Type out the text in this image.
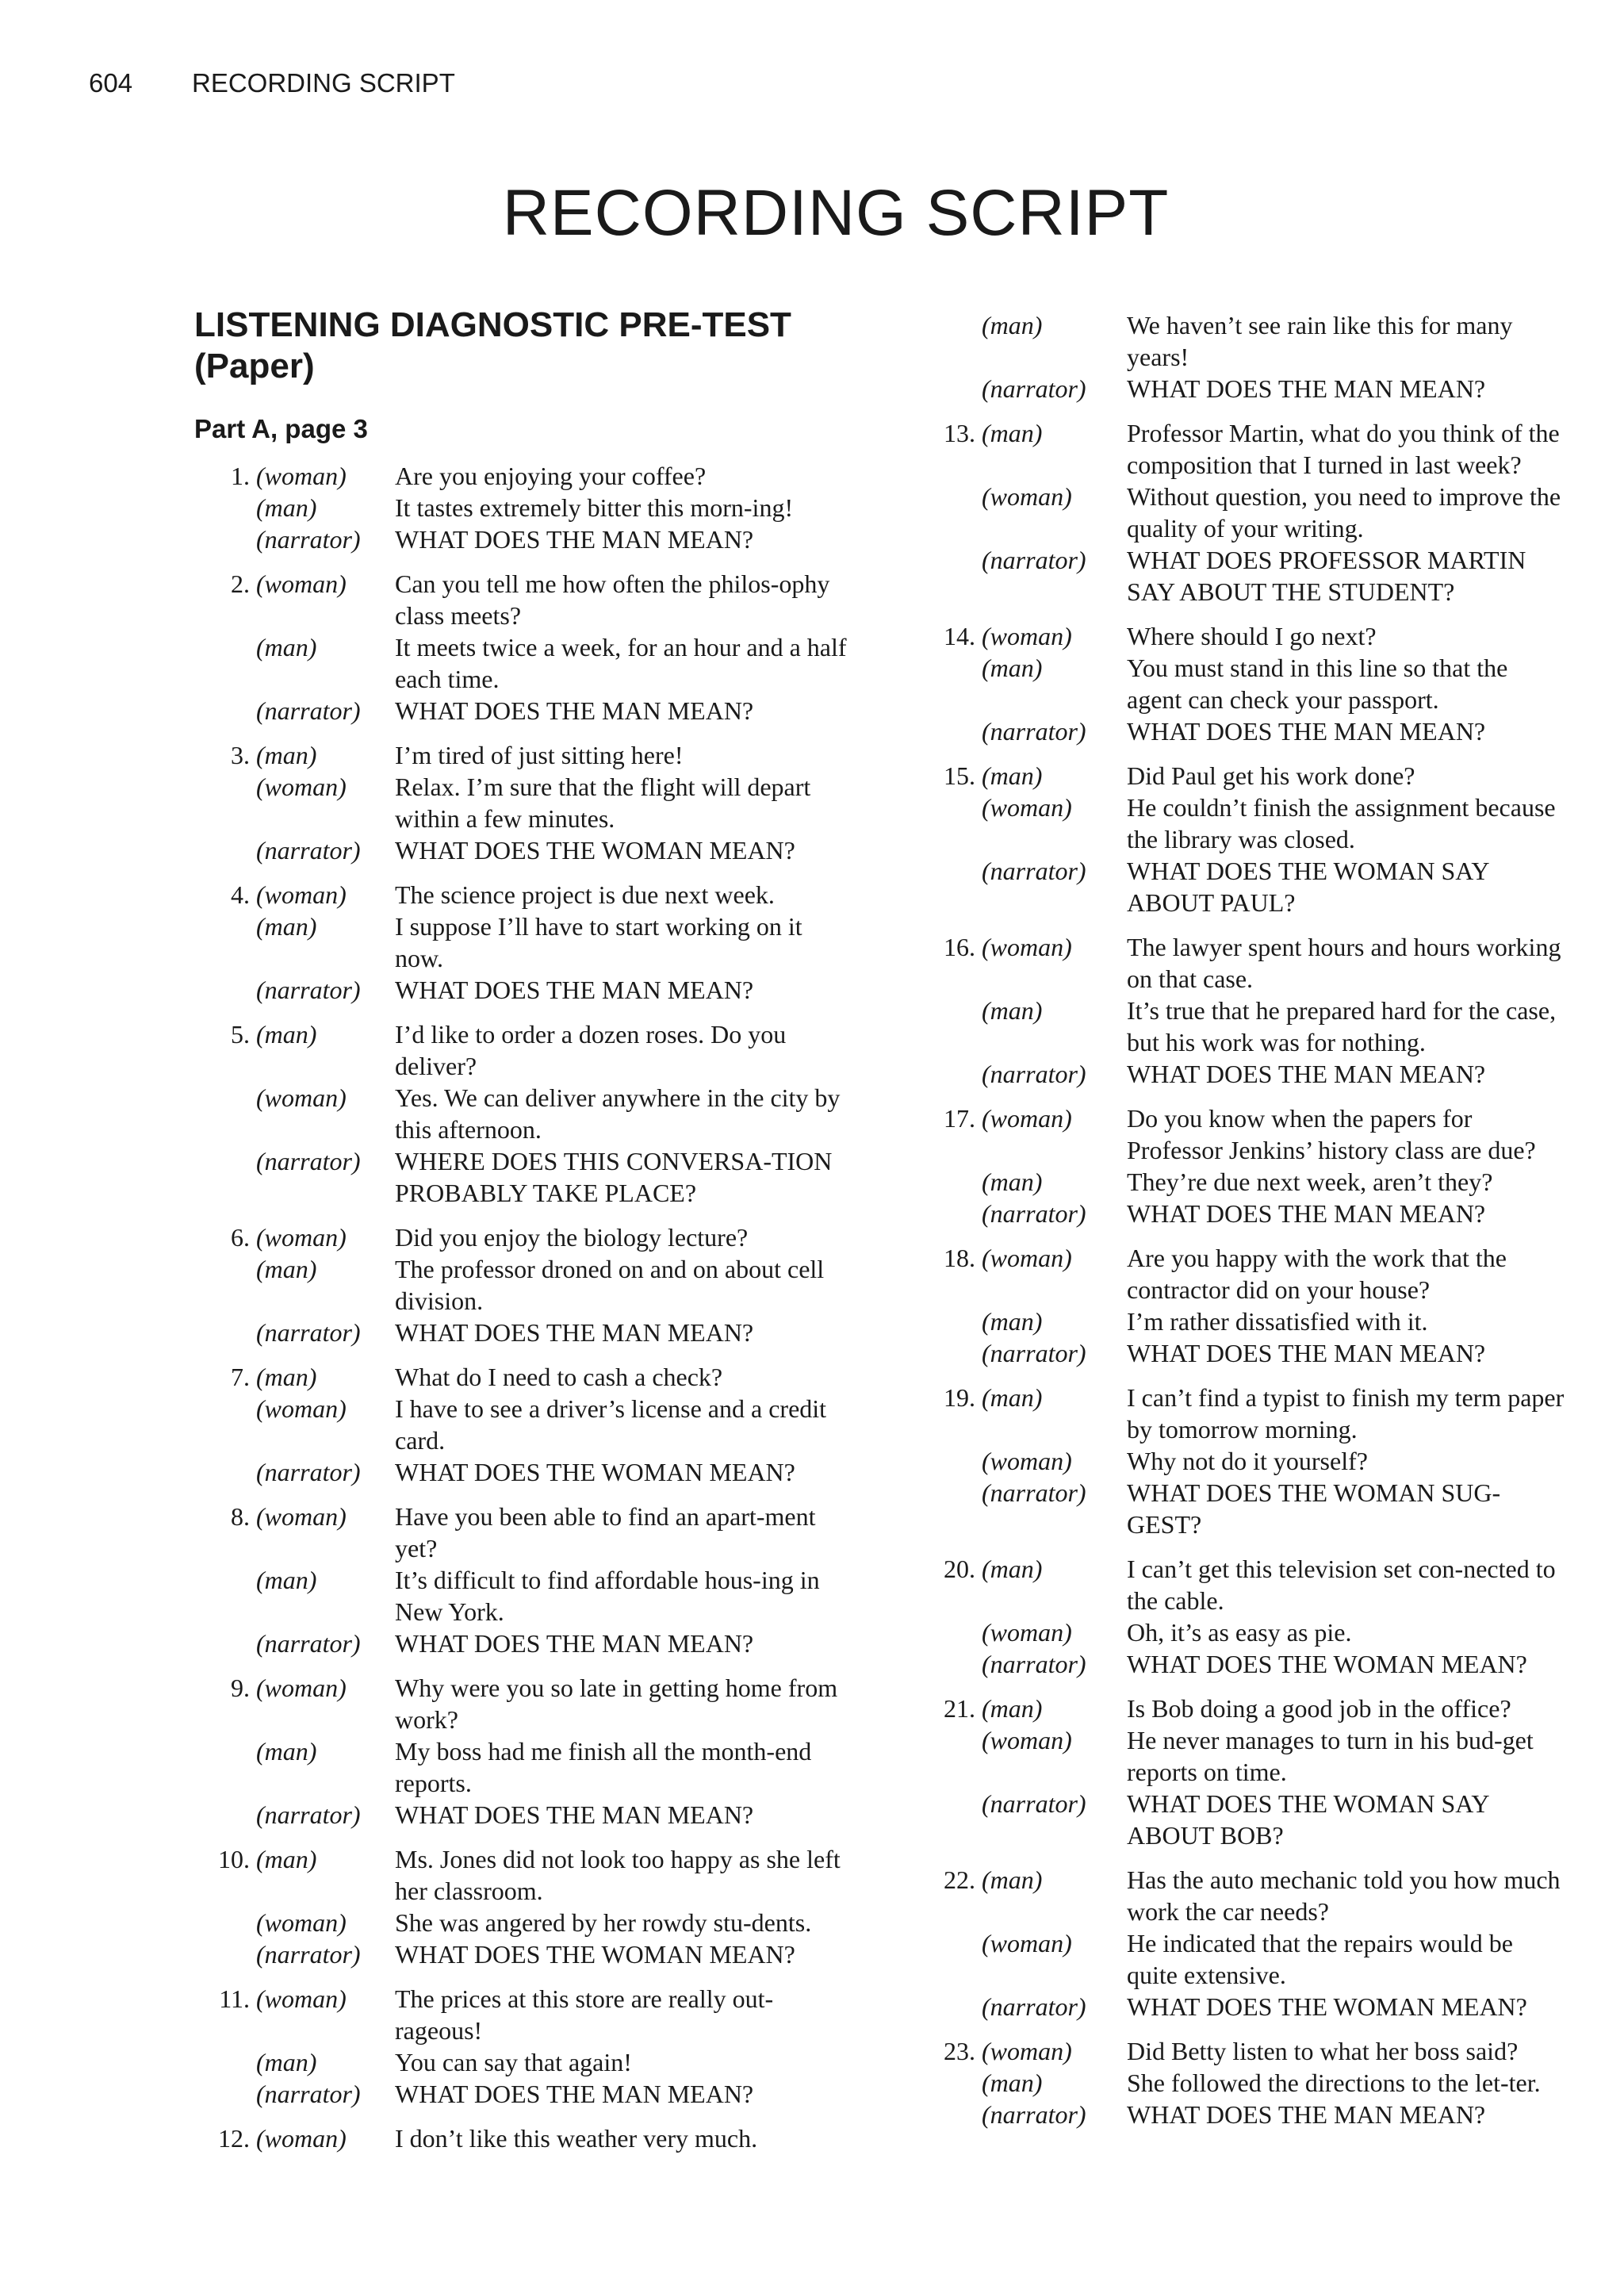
604 RECORDING SCRIPT
RECORDING SCRIPT
LISTENING DIAGNOSTIC PRE-TEST (Paper)
Part A, page 3
1. (woman)	Are you enjoying your coffee?
(man)	It tastes extremely bitter this morn-ing!
(narrator)	WHAT DOES THE MAN MEAN?
2. (woman)	Can you tell me how often the philos-ophy class meets?
(man)	It meets twice a week, for an hour and a half each time.
(narrator)	WHAT DOES THE MAN MEAN?
3. (man)	I’m tired of just sitting here!
(woman)	Relax. I’m sure that the flight will depart within a few minutes.
(narrator)	WHAT DOES THE WOMAN MEAN?
4. (woman)	The science project is due next week.
(man)	I suppose I’ll have to start working on it now.
(narrator)	WHAT DOES THE MAN MEAN?
5. (man)	I’d like to order a dozen roses. Do you deliver?
(woman)	Yes. We can deliver anywhere in the city by this afternoon.
(narrator)	WHERE DOES THIS CONVERSA-TION PROBABLY TAKE PLACE?
6. (woman)	Did you enjoy the biology lecture?
(man)	The professor droned on and on about cell division.
(narrator)	WHAT DOES THE MAN MEAN?
7. (man)	What do I need to cash a check?
(woman)	I have to see a driver’s license and a credit card.
(narrator)	WHAT DOES THE WOMAN MEAN?
8. (woman)	Have you been able to find an apart-ment yet?
(man)	It’s difficult to find affordable hous-ing in New York.
(narrator)	WHAT DOES THE MAN MEAN?
9. (woman)	Why were you so late in getting home from work?
(man)	My boss had me finish all the month-end reports.
(narrator)	WHAT DOES THE MAN MEAN?
10. (man)	Ms. Jones did not look too happy as she left her classroom.
(woman)	She was angered by her rowdy stu-dents.
(narrator)	WHAT DOES THE WOMAN MEAN?
11. (woman)	The prices at this store are really out-rageous!
(man)	You can say that again!
(narrator)	WHAT DOES THE MAN MEAN?
12. (woman)	I don’t like this weather very much.
(man)	We haven’t see rain like this for many years!
(narrator)	WHAT DOES THE MAN MEAN?
13. (man)	Professor Martin, what do you think of the composition that I turned in last week?
(woman)	Without question, you need to improve the quality of your writing.
(narrator)	WHAT DOES PROFESSOR MARTIN SAY ABOUT THE STUDENT?
14. (woman)	Where should I go next?
(man)	You must stand in this line so that the agent can check your passport.
(narrator)	WHAT DOES THE MAN MEAN?
15. (man)	Did Paul get his work done?
(woman)	He couldn’t finish the assignment because the library was closed.
(narrator)	WHAT DOES THE WOMAN SAY ABOUT PAUL?
16. (woman)	The lawyer spent hours and hours working on that case.
(man)	It’s true that he prepared hard for the case, but his work was for nothing.
(narrator)	WHAT DOES THE MAN MEAN?
17. (woman)	Do you know when the papers for Professor Jenkins’ history class are due?
(man)	They’re due next week, aren’t they?
(narrator)	WHAT DOES THE MAN MEAN?
18. (woman)	Are you happy with the work that the contractor did on your house?
(man)	I’m rather dissatisfied with it.
(narrator)	WHAT DOES THE MAN MEAN?
19. (man)	I can’t find a typist to finish my term paper by tomorrow morning.
(woman)	Why not do it yourself?
(narrator)	WHAT DOES THE WOMAN SUG-GEST?
20. (man)	I can’t get this television set con-nected to the cable.
(woman)	Oh, it’s as easy as pie.
(narrator)	WHAT DOES THE WOMAN MEAN?
21. (man)	Is Bob doing a good job in the office?
(woman)	He never manages to turn in his bud-get reports on time.
(narrator)	WHAT DOES THE WOMAN SAY ABOUT BOB?
22. (man)	Has the auto mechanic told you how much work the car needs?
(woman)	He indicated that the repairs would be quite extensive.
(narrator)	WHAT DOES THE WOMAN MEAN?
23. (woman)	Did Betty listen to what her boss said?
(man)	She followed the directions to the let-ter.
(narrator)	WHAT DOES THE MAN MEAN?
